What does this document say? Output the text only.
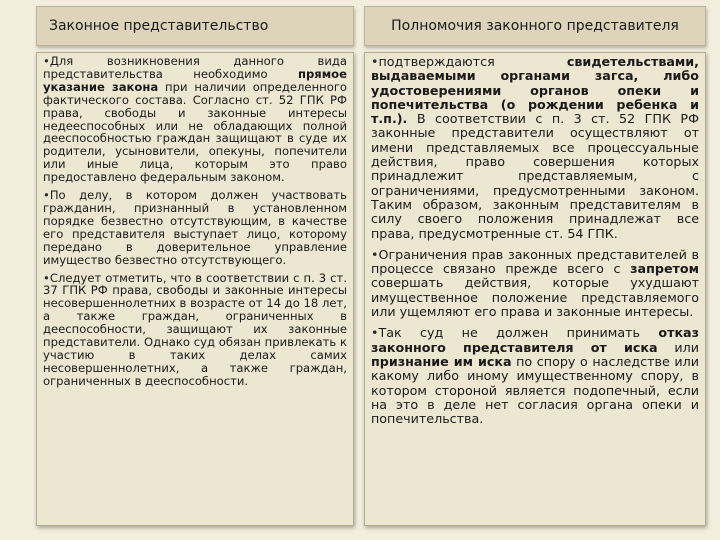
Законное представительство

•Для возникновения данного вида представительства необходимо прямое указание закона при наличии определенного фактического состава. Согласно ст. 52 ГПК РФ права, свободы и законные интересы недееспособных или не обладающих полной дееспособностью граждан защищают в суде их родители, усыновители, опекуны, попечители или иные лица, которым это право предоставлено федеральным законом.

•По делу, в котором должен участвовать гражданин, признанный в установленном порядке безвестно отсутствующим, в качестве его представителя выступает лицо, которому передано в доверительное управление имущество безвестно отсутствующего.

•Следует отметить, что в соответствии с п. 3 ст. 37 ГПК РФ права, свободы и законные интересы несовершеннолетних в возрасте от 14 до 18 лет, а также граждан, ограниченных в дееспособности, защищают их законные представители. Однако суд обязан привлекать к участию в таких делах самих несовершеннолетних, а также граждан, ограниченных в дееспособности.

Полномочия законного представителя

•подтверждаются свидетельствами, выдаваемыми органами загса, либо удостоверениями органов опеки и попечительства (о рождении ребенка и т.п.). В соответствии с п. 3 ст. 52 ГПК РФ законные представители осуществляют от имени представляемых все процессуальные действия, право совершения которых принадлежит представляемым, с ограничениями, предусмотренными законом. Таким образом, законным представителям в силу своего положения принадлежат все права, предусмотренные ст. 54 ГПК.

•Ограничения прав законных представителей в процессе связано прежде всего с запретом совершать действия, которые ухудшают имущественное положение представляемого или ущемляют его права и законные интересы.

•Так суд не должен принимать отказ законного представителя от иска или признание им иска по спору о наследстве или какому либо иному имущественному спору, в котором стороной является подопечный, если на это в деле нет согласия органа опеки и попечительства.
